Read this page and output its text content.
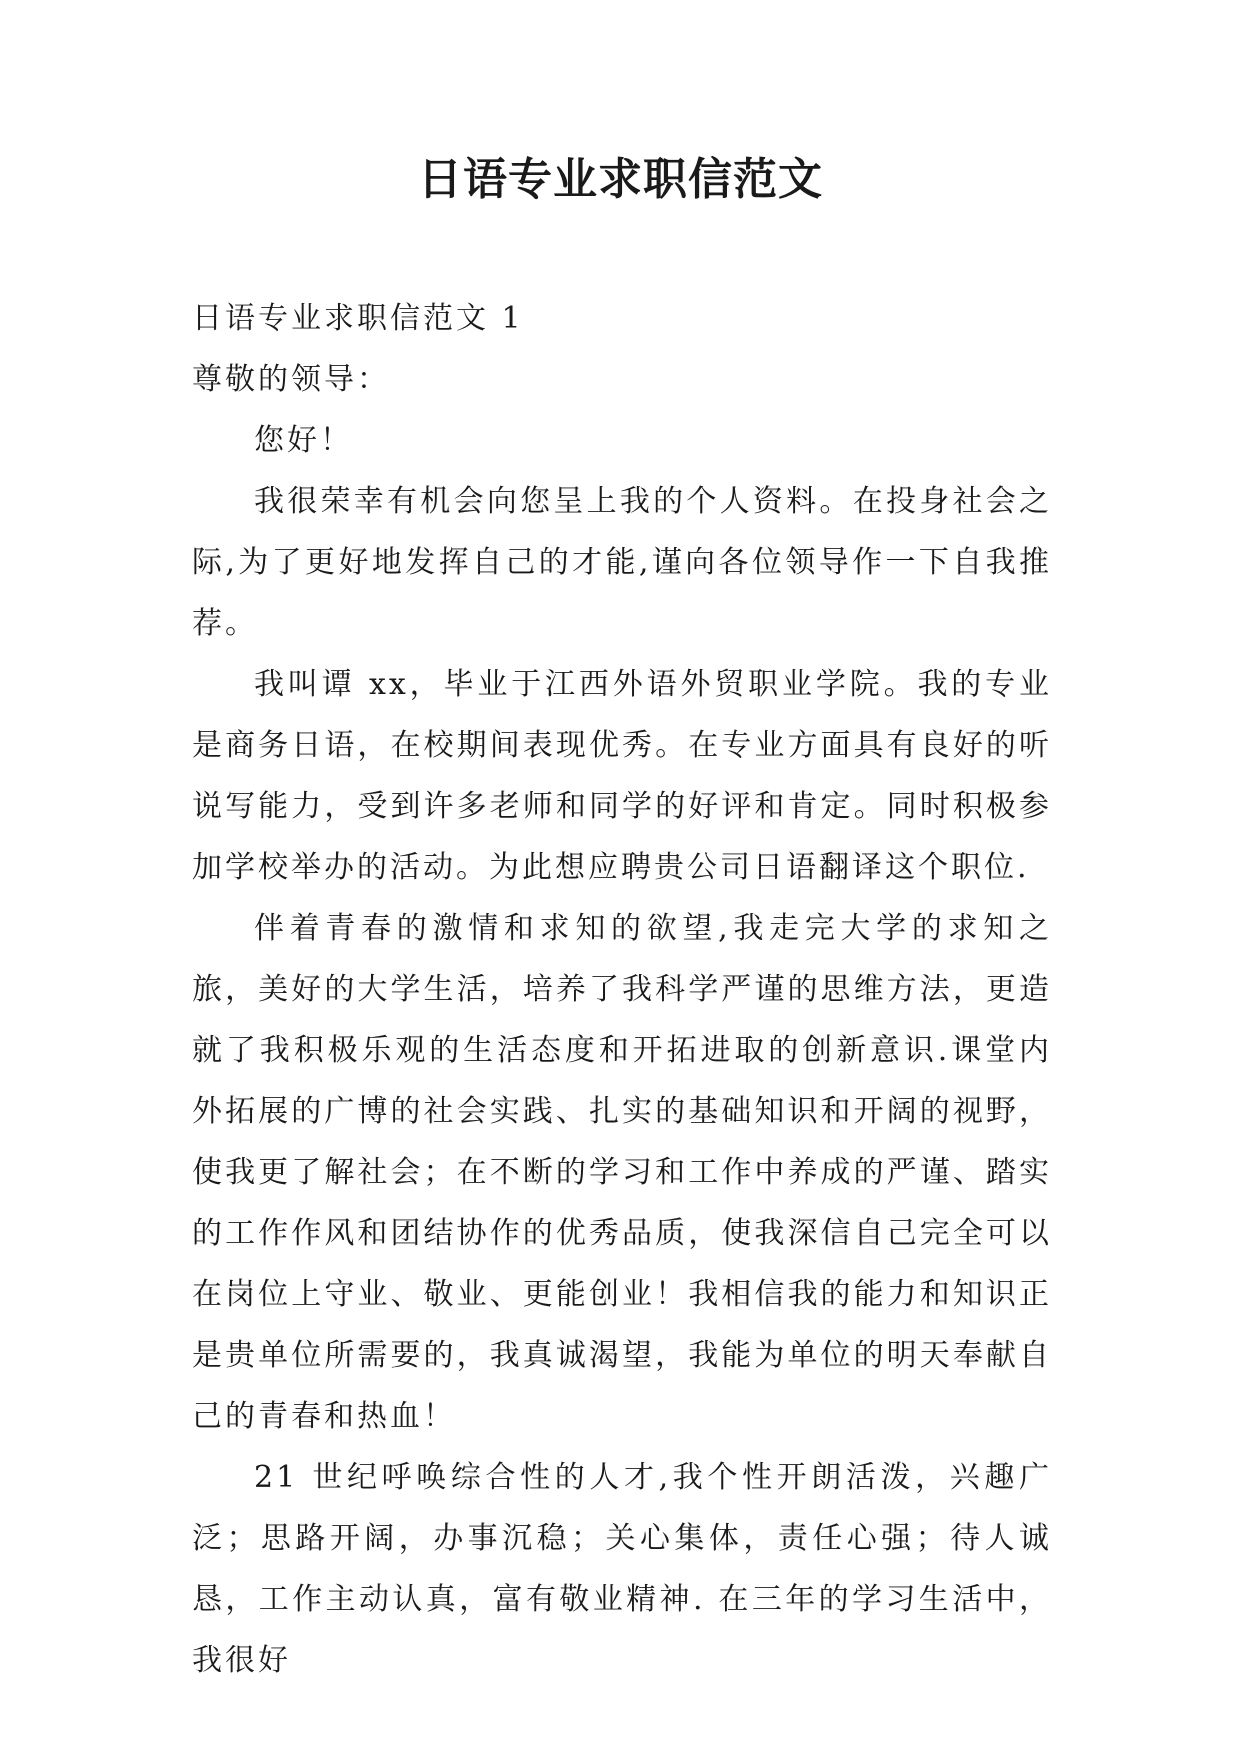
日语专业求职信范文

日语专业求职信范文 1

尊敬的领导：

您好！

我很荣幸有机会向您呈上我的个人资料。在投身社会之际,为了更好地发挥自己的才能,谨向各位领导作一下自我推荐。

我叫谭 xx，毕业于江西外语外贸职业学院。我的专业是商务日语，在校期间表现优秀。在专业方面具有良好的听说写能力，受到许多老师和同学的好评和肯定。同时积极参加学校举办的活动。为此想应聘贵公司日语翻译这个职位.

伴着青春的激情和求知的欲望,我走完大学的求知之旅，美好的大学生活，培养了我科学严谨的思维方法，更造就了我积极乐观的生活态度和开拓进取的创新意识.课堂内外拓展的广博的社会实践、扎实的基础知识和开阔的视野，使我更了解社会；在不断的学习和工作中养成的严谨、踏实的工作作风和团结协作的优秀品质，使我深信自己完全可以在岗位上守业、敬业、更能创业！我相信我的能力和知识正是贵单位所需要的，我真诚渴望，我能为单位的明天奉献自己的青春和热血！

21 世纪呼唤综合性的人才,我个性开朗活泼，兴趣广泛；思路开阔，办事沉稳；关心集体，责任心强；待人诚恳，工作主动认真，富有敬业精神. 在三年的学习生活中，我很好
